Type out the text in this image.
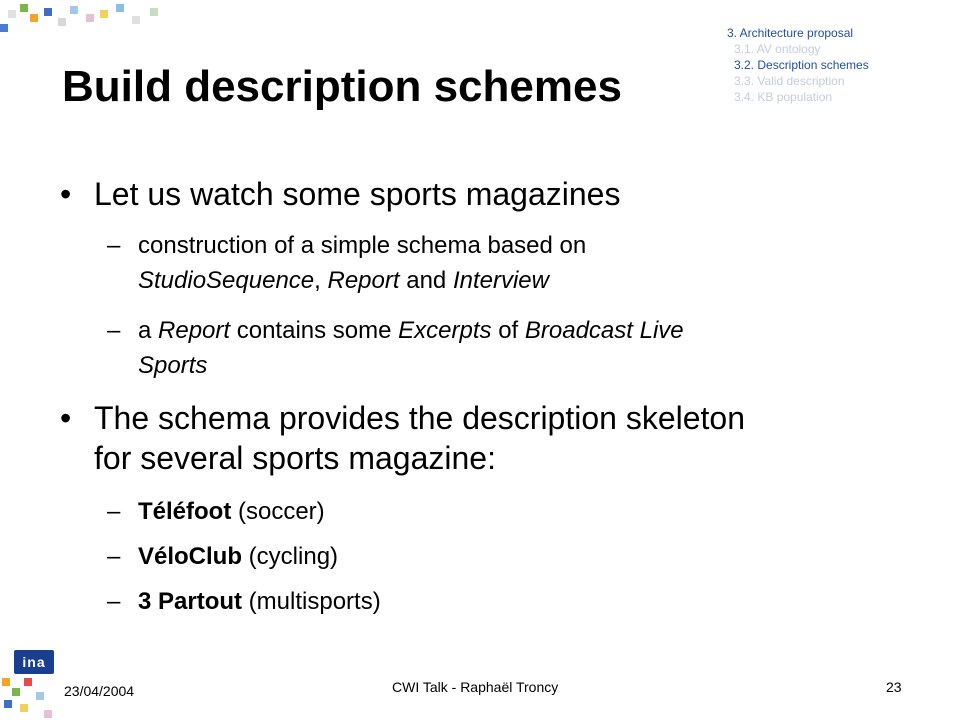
Build description schemes
3. Architecture proposal
3.1. AV ontology
3.2. Description schemes
3.3. Valid description
3.4. KB population
• Let us watch some sports magazines
– construction of a simple schema based on
StudioSequence, Report and Interview
– a Report contains some Excerpts of Broadcast Live
Sports
• The schema provides the description skeleton
for several sports magazine:
– Téléfoot (soccer)
– VéloClub (cycling)
– 3 Partout (multisports)
ina
23/04/2004	CWI Talk - Raphaël Troncy	23
